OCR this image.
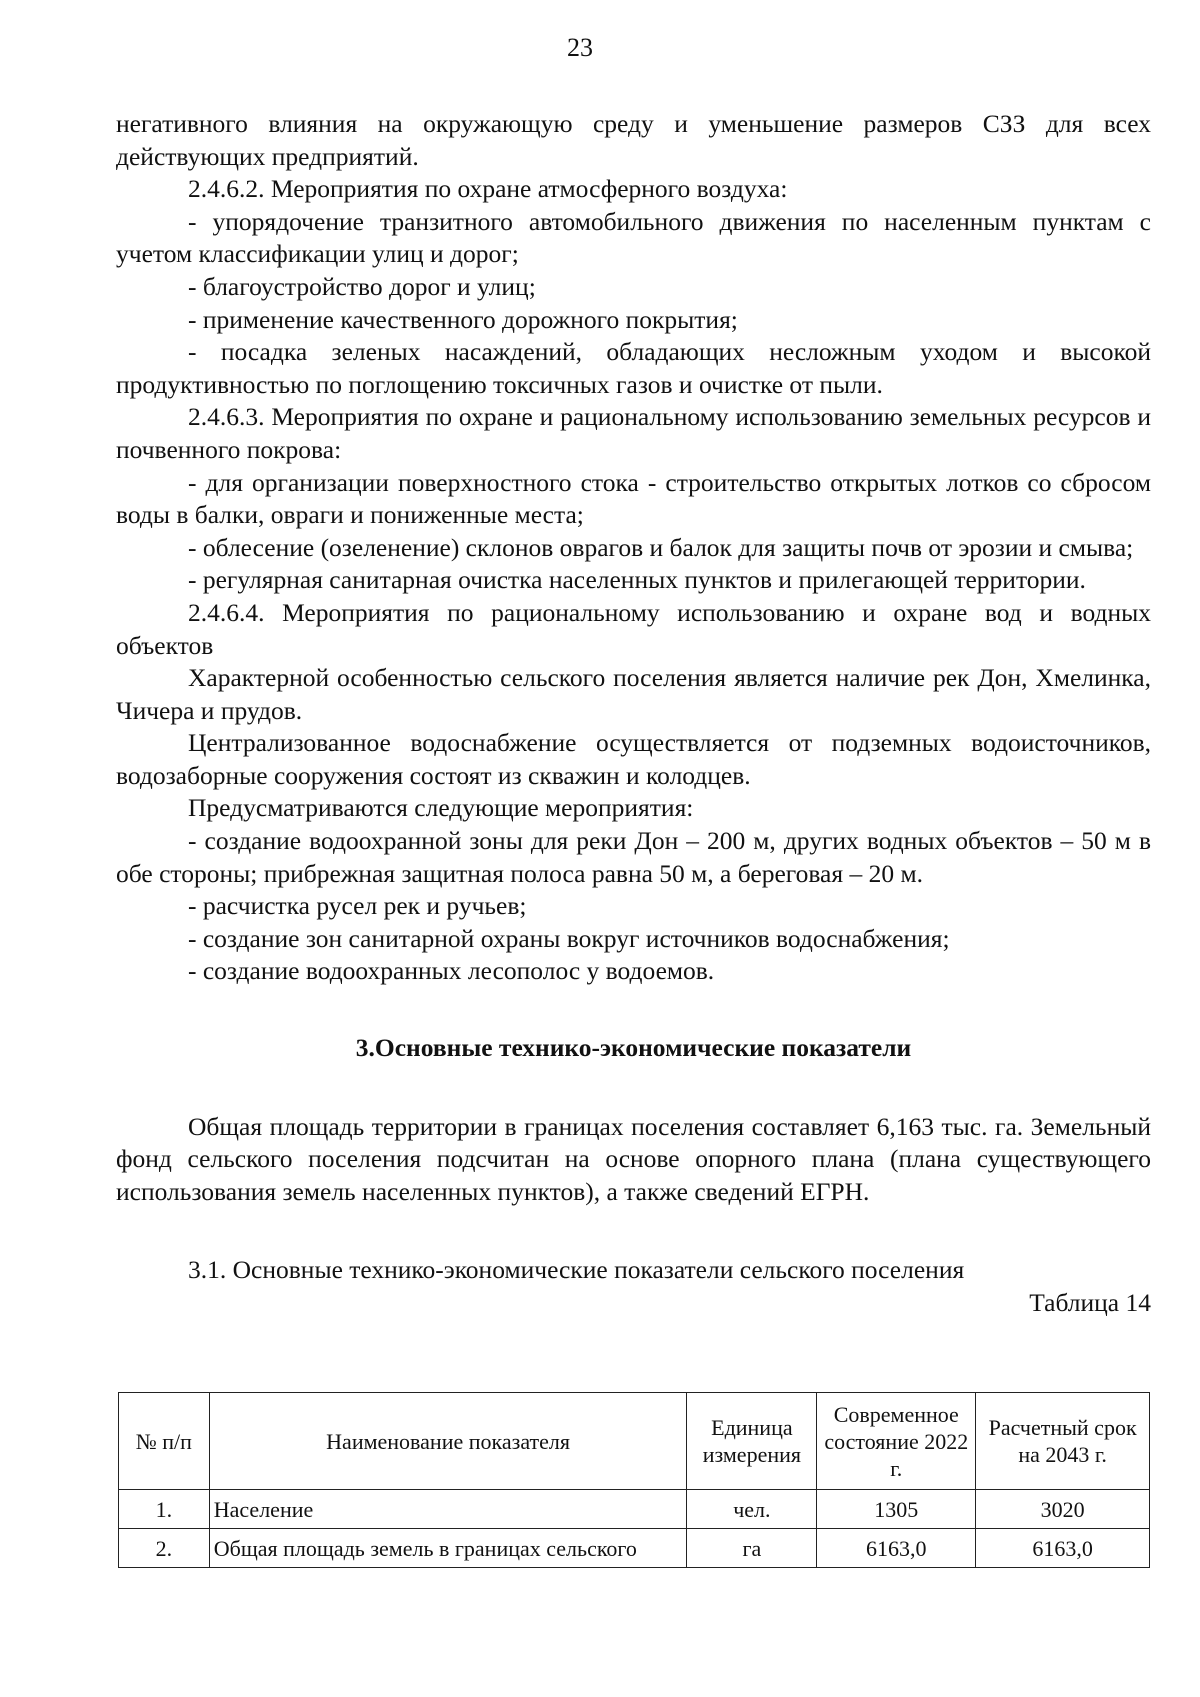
23

негативного влияния на окружающую среду и уменьшение размеров СЗЗ для всех действующих предприятий.

2.4.6.2. Мероприятия по охране атмосферного воздуха:

- упорядочение транзитного автомобильного движения по населенным пунктам с учетом классификации улиц и дорог;

- благоустройство дорог и улиц;

- применение качественного дорожного покрытия;

- посадка зеленых насаждений, обладающих несложным уходом и высокой продуктивностью по поглощению токсичных газов и очистке от пыли.

2.4.6.3. Мероприятия по охране и рациональному использованию земельных ресурсов и почвенного покрова:

- для организации поверхностного стока - строительство открытых лотков со сбросом воды в балки, овраги и пониженные места;

- облесение (озеленение) склонов оврагов и балок для защиты почв от эрозии и смыва;

- регулярная санитарная очистка населенных пунктов и прилегающей территории.

2.4.6.4. Мероприятия по рациональному использованию и охране вод и водных объектов

Характерной особенностью сельского поселения является наличие рек Дон, Хмелинка, Чичера и прудов.

Централизованное водоснабжение осуществляется от подземных водоисточников, водозаборные сооружения состоят из скважин и колодцев.

Предусматриваются следующие мероприятия:

- создание водоохранной зоны для реки Дон – 200 м, других водных объектов – 50 м в обе стороны; прибрежная защитная полоса равна 50 м, а береговая – 20 м.

- расчистка русел рек и ручьев;

- создание зон санитарной охраны вокруг источников водоснабжения;

- создание водоохранных лесополос у водоемов.

3.Основные технико-экономические показатели

Общая площадь территории в границах поселения составляет 6,163 тыс. га. Земельный фонд сельского поселения подсчитан на основе опорного плана (плана существующего использования земель населенных пунктов), а также сведений ЕГРН.

3.1. Основные технико-экономические показатели сельского поселения

Таблица 14

№ п/п	Наименование показателя	Единица измерения	Современное состояние 2022 г.	Расчетный срок на 2043 г.
1.	Население	чел.	1305	3020
2.	Общая площадь земель в границах сельского	га	6163,0	6163,0
